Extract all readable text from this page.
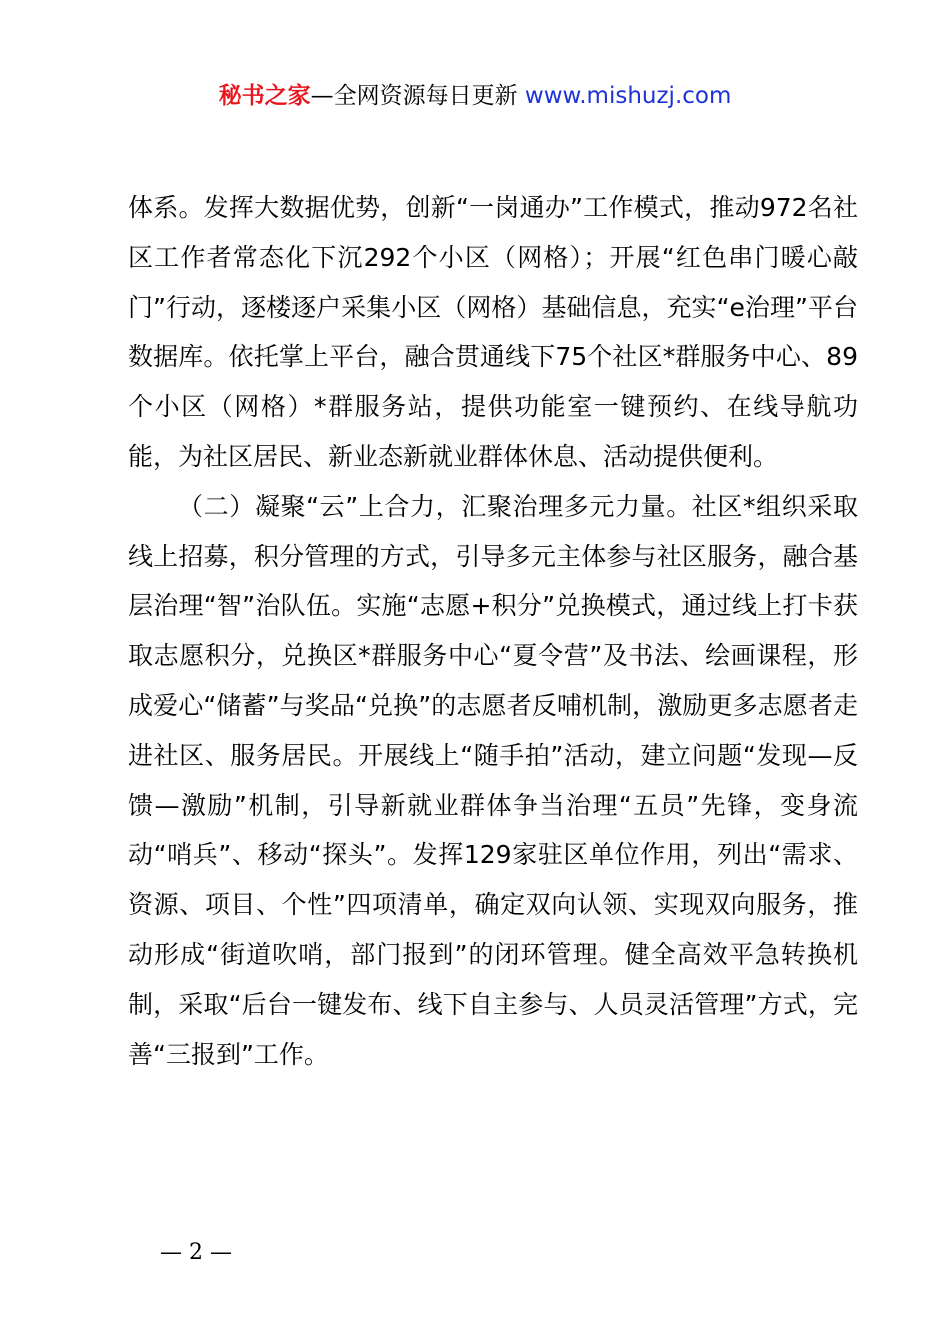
秘书之家—全网资源每日更新 www.mishuzj.com

体系。发挥大数据优势，创新“一岗通办”工作模式，推动972名社区工作者常态化下沉292个小区（网格）；开展“红色串门暖心敲门”行动，逐楼逐户采集小区（网格）基础信息，充实“e治理”平台数据库。依托掌上平台，融合贯通线下75个社区*群服务中心、89个小区（网格）*群服务站，提供功能室一键预约、在线导航功能，为社区居民、新业态新就业群体休息、活动提供便利。

（二）凝聚“云”上合力，汇聚治理多元力量。社区*组织采取线上招募，积分管理的方式，引导多元主体参与社区服务，融合基层治理“智”治队伍。实施“志愿+积分”兑换模式，通过线上打卡获取志愿积分，兑换区*群服务中心“夏令营”及书法、绘画课程，形成爱心“储蓄”与奖品“兑换”的志愿者反哺机制，激励更多志愿者走进社区、服务居民。开展线上“随手拍”活动，建立问题“发现—反馈—激励”机制，引导新就业群体争当治理“五员”先锋，变身流动“哨兵”、移动“探头”。发挥129家驻区单位作用，列出“需求、资源、项目、个性”四项清单，确定双向认领、实现双向服务，推动形成“街道吹哨，部门报到”的闭环管理。健全高效平急转换机制，采取“后台一键发布、线下自主参与、人员灵活管理”方式，完善“三报到”工作。

— 2 —
